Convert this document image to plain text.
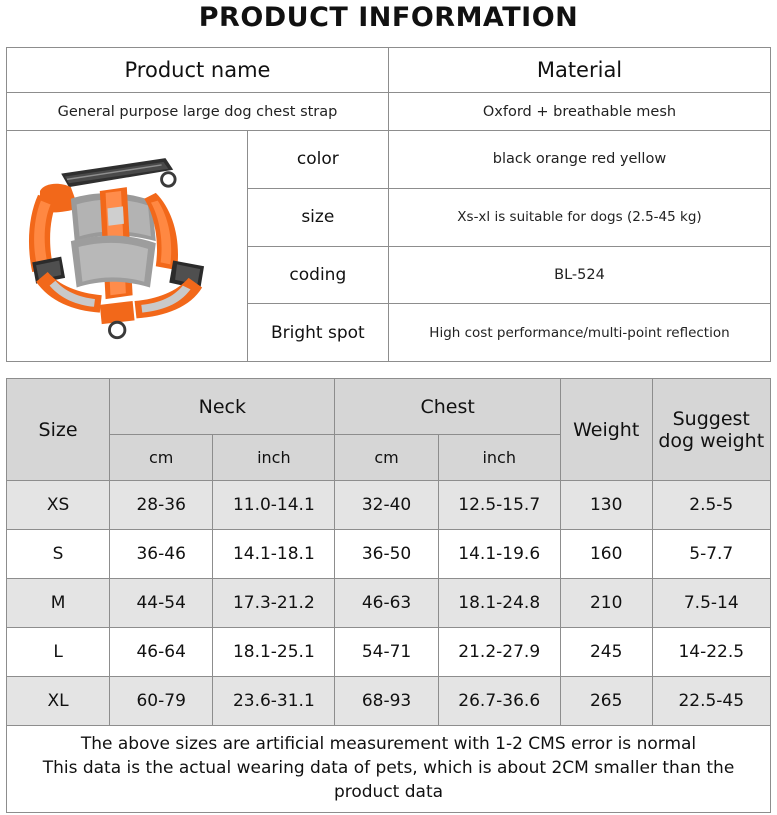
PRODUCT INFORMATION
Product name		Material
General purpose large dog chest strap		Oxford + breathable mesh

	color	black orange red yellow
	size	Xs-xl is suitable for dogs (2.5-45 kg)
	coding	BL-524
	Bright spot	High cost performance/multi-point reflection
Size	Neck		Chest		Weight	Suggest dog weight
	cm	inch	cm	inch		
XS	28-36	11.0-14.1	32-40	12.5-15.7	130	2.5-5
S	36-46	14.1-18.1	36-50	14.1-19.6	160	5-7.7
M	44-54	17.3-21.2	46-63	18.1-24.8	210	7.5-14
L	46-64	18.1-25.1	54-71	21.2-27.9	245	14-22.5
XL	60-79	23.6-31.1	68-93	26.7-36.6	265	22.5-45

The above sizes are artificial measurement with 1-2 CMS error is normal
This data is the actual wearing data of pets, which is about 2CM smaller than the product data						
